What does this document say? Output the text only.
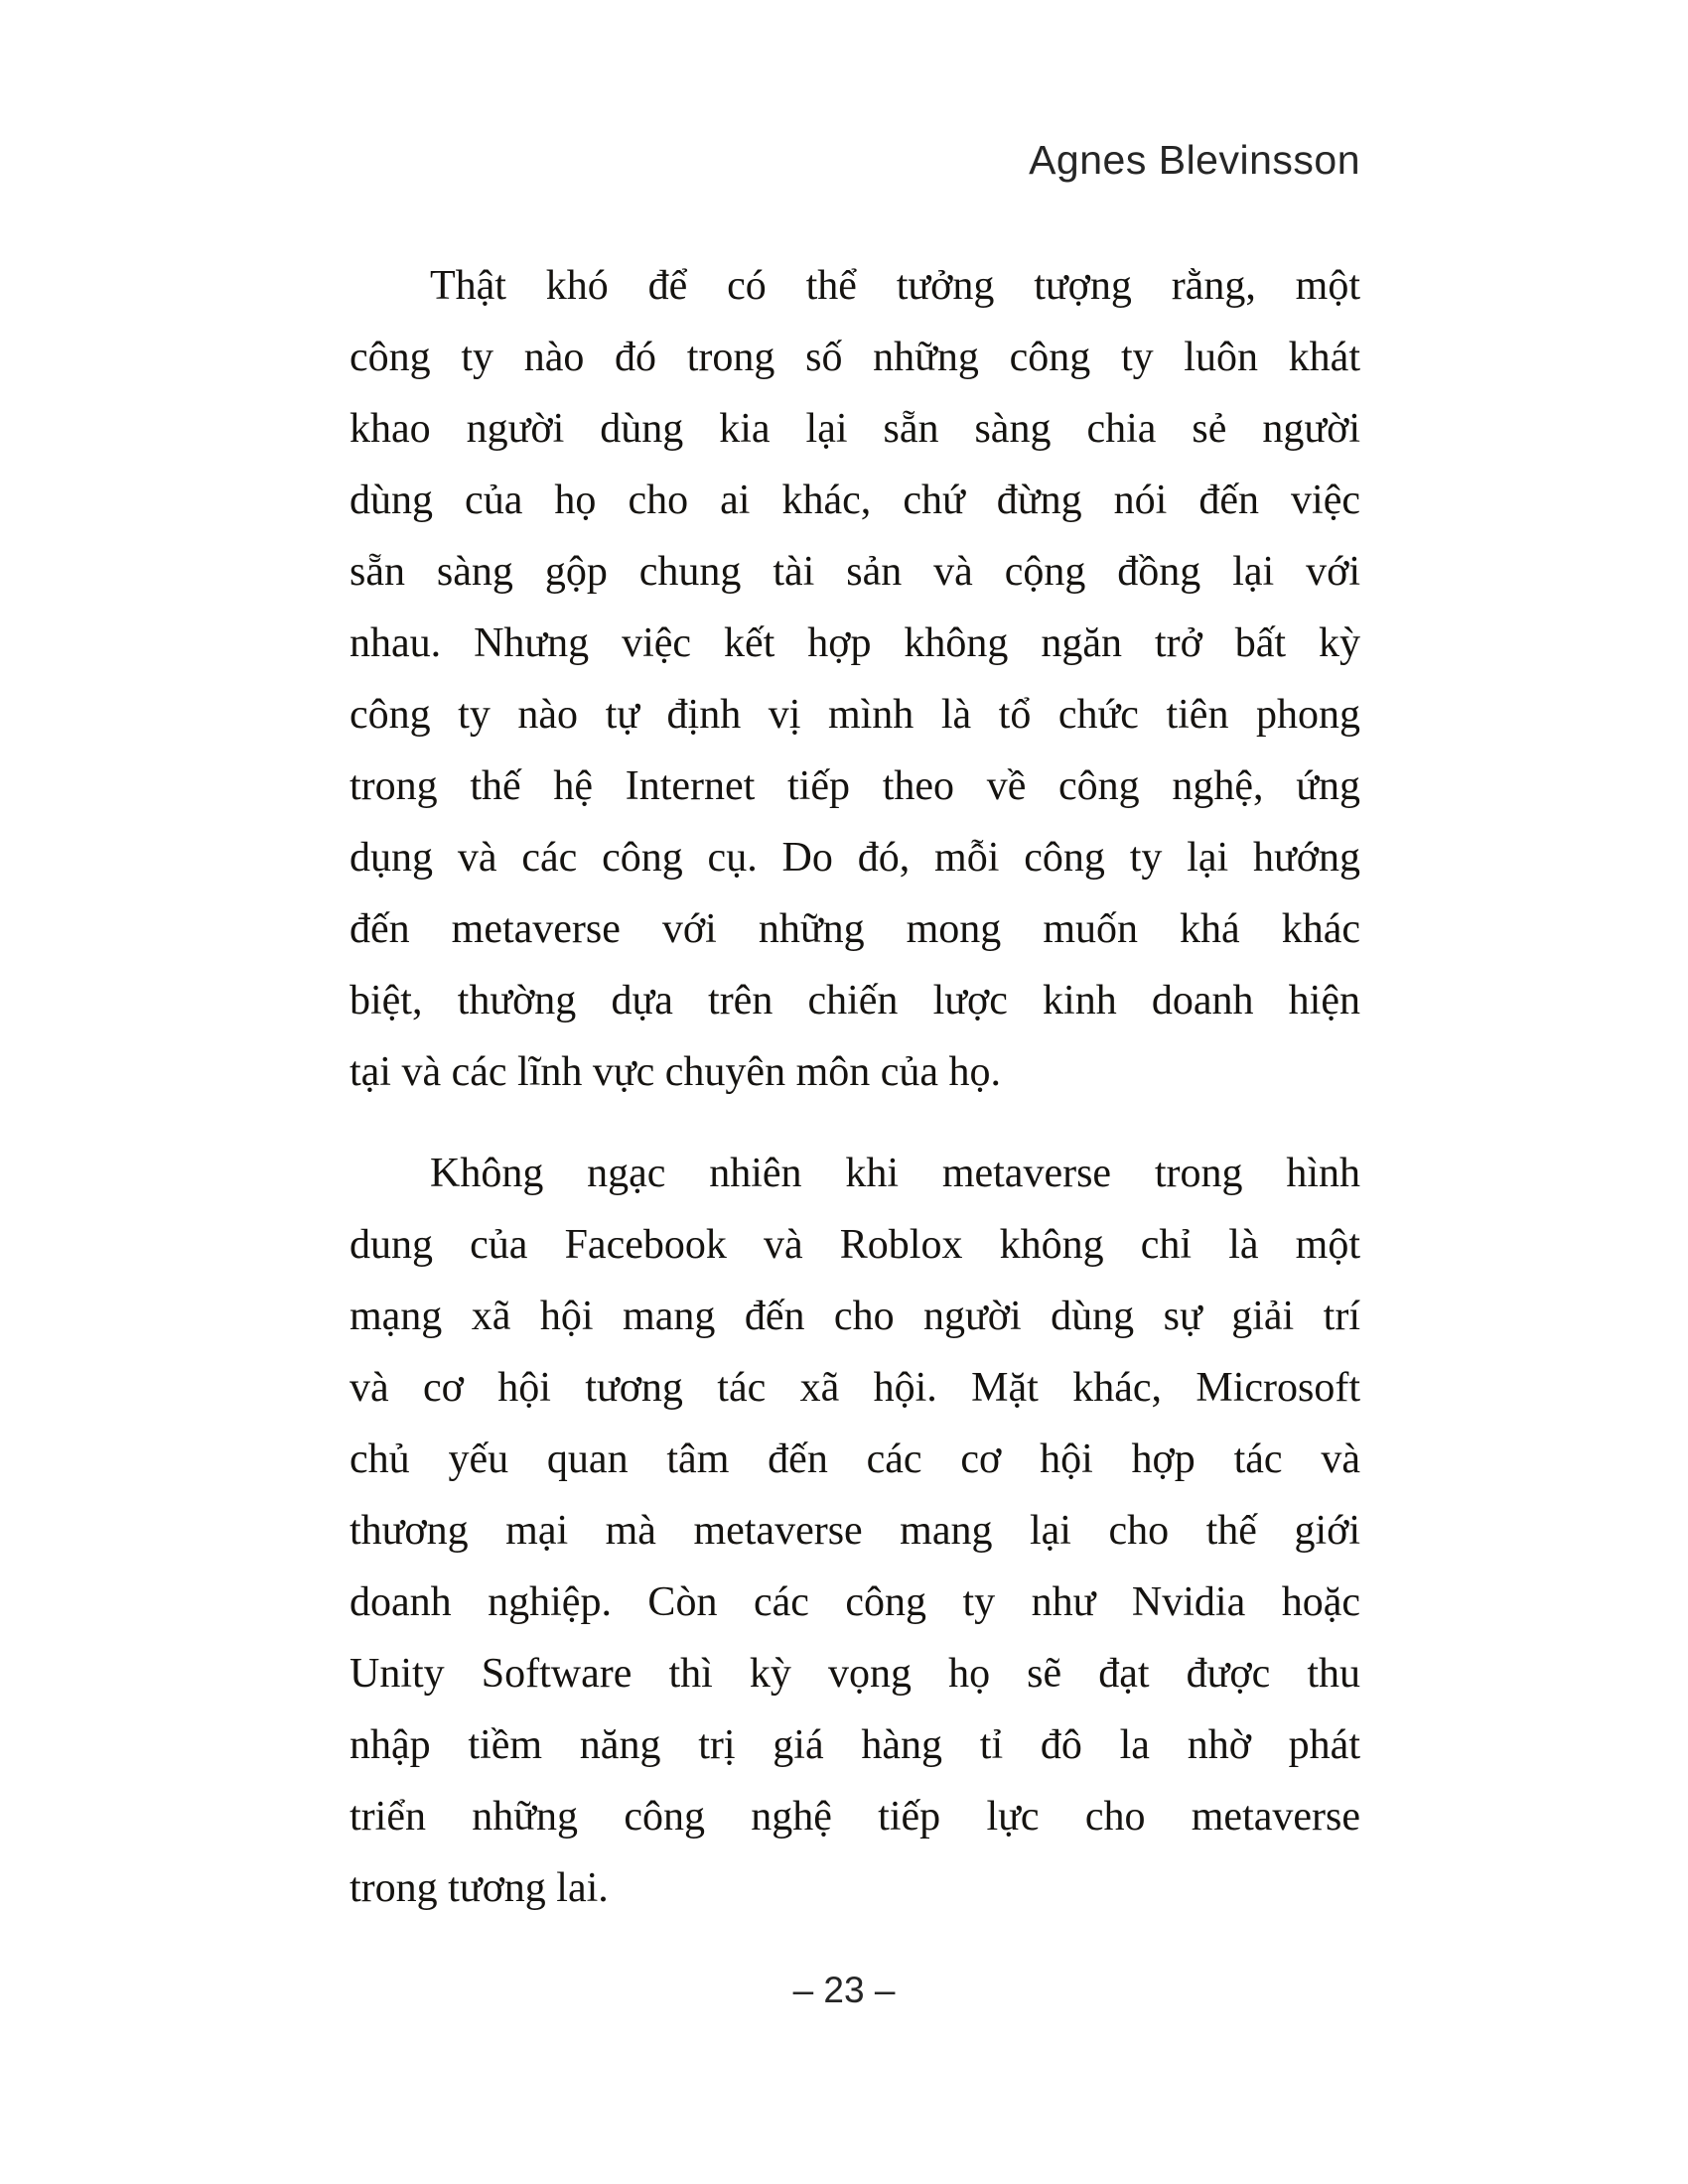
Agnes Blevinsson
Thật khó để có thể tưởng tượng rằng, một
công ty nào đó trong số những công ty luôn khát
khao người dùng kia lại sẵn sàng chia sẻ người
dùng của họ cho ai khác, chứ đừng nói đến việc
sẵn sàng gộp chung tài sản và cộng đồng lại với
nhau. Nhưng việc kết hợp không ngăn trở bất kỳ
công ty nào tự định vị mình là tổ chức tiên phong
trong thế hệ Internet tiếp theo về công nghệ, ứng
dụng và các công cụ. Do đó, mỗi công ty lại hướng
đến metaverse với những mong muốn khá khác
biệt, thường dựa trên chiến lược kinh doanh hiện
tại và các lĩnh vực chuyên môn của họ.
Không ngạc nhiên khi metaverse trong hình
dung của Facebook và Roblox không chỉ là một
mạng xã hội mang đến cho người dùng sự giải trí
và cơ hội tương tác xã hội. Mặt khác, Microsoft
chủ yếu quan tâm đến các cơ hội hợp tác và
thương mại mà metaverse mang lại cho thế giới
doanh nghiệp. Còn các công ty như Nvidia hoặc
Unity Software thì kỳ vọng họ sẽ đạt được thu
nhập tiềm năng trị giá hàng tỉ đô la nhờ phát
triển những công nghệ tiếp lực cho metaverse
trong tương lai.
– 23 –
